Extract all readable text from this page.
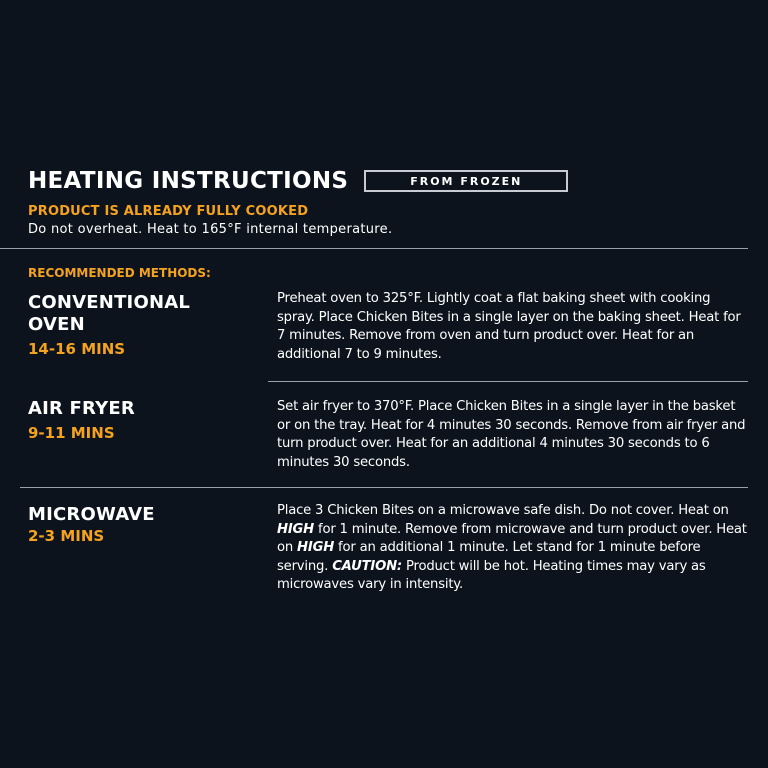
HEATING INSTRUCTIONS	FROM FROZEN
PRODUCT IS ALREADY FULLY COOKED
Do not overheat. Heat to 165°F internal temperature.
RECOMMENDED METHODS:
CONVENTIONAL
OVEN
14-16 MINS
Preheat oven to 325°F. Lightly coat a flat baking sheet with cooking spray. Place Chicken Bites in a single layer on the baking sheet. Heat for 7 minutes. Remove from oven and turn product over. Heat for an additional 7 to 9 minutes.
AIR FRYER
9-11 MINS
Set air fryer to 370°F. Place Chicken Bites in a single layer in the basket or on the tray. Heat for 4 minutes 30 seconds. Remove from air fryer and turn product over. Heat for an additional 4 minutes 30 seconds to 6 minutes 30 seconds.
MICROWAVE
2-3 MINS
Place 3 Chicken Bites on a microwave safe dish. Do not cover. Heat on HIGH for 1 minute. Remove from microwave and turn product over. Heat on HIGH for an additional 1 minute. Let stand for 1 minute before serving. CAUTION: Product will be hot. Heating times may vary as microwaves vary in intensity.
